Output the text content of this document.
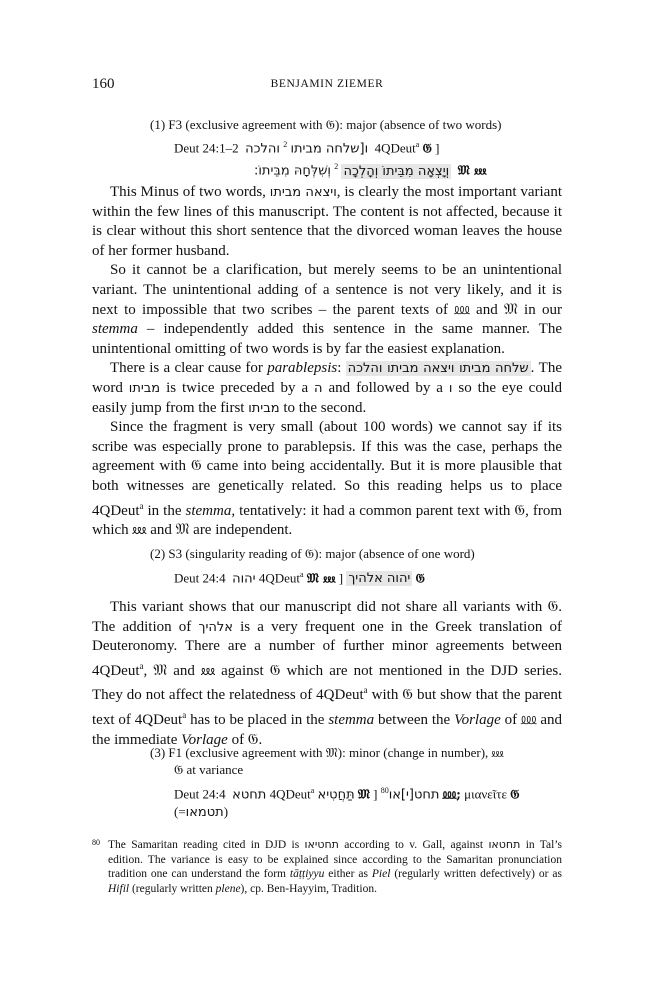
160	BENJAMIN ZIEMER
(1) F3 (exclusive agreement with 𝔊): major (absence of two words)
Deut 24:1–2 והלכה $^2$ ו[שלחה מביתו 4QDeut$^a$ 𝔊 ]
וְשִׁלְּחָהּ מִבֵּיתוֹ: $^2$ וְיָצְאָה מִבֵּיתוֹ וְהָלְכָה 𝔐 ⅏

This Minus of two words, ויצאה מביתו, is clearly the most important variant within the few lines of this manuscript. The content is not affected, because it is clear without this short sentence that the divorced woman leaves the house of her former husband.

So it cannot be a clarification, but merely seems to be an unintentional variant. The unintentional adding of a sentence is not very likely, and it is next to impossible that two scribes – the parent texts of ⅏ and 𝔐 in our stemma – independently added this sentence in the same manner. The unintentional omitting of two words is by far the easiest explanation.

There is a clear cause for parablepsis: שלחה מביתו ויצאה מביתו והלכה . The word מביתו is twice preceded by a ה and followed by a ו so the eye could easily jump from the first מביתו to the second.

Since the fragment is very small (about 100 words) we cannot say if its scribe was especially prone to parablepsis. If this was the case, perhaps the agreement with 𝔊 came into being accidentally. But it is more plausible that both witnesses are genetically related. So this reading helps us to place 4QDeut$^a$ in the stemma, tentatively: it had a common parent text with 𝔊, from which ⅏ and 𝔐 are independent.

(2) S3 (singularity reading of 𝔊): major (absence of one word)
Deut 24:4 יהוה 4QDeut$^a$ 𝔐 ⅏ ] יהוה אלהיך 𝔊

This variant shows that our manuscript did not share all variants with 𝔊. The addition of אלהיך is a very frequent one in the Greek translation of Deuteronomy. There are a number of further minor agreements between 4QDeut$^a$, 𝔐 and ⅏ against 𝔊 which are not mentioned in the DJD series. They do not affect the relatedness of 4QDeut$^a$ with 𝔊 but show that the parent text of 4QDeut$^a$ has to be placed in the stemma between the Vorlage of ⅏ and the immediate Vorlage of 𝔊.

(3) F1 (exclusive agreement with 𝔐): minor (change in number), ⅏
𝔊 at variance
Deut 24:4 תחטא 4QDeut$^a$ תַּחֲטִיא 𝔐 ] $^{80}$תחט[י]או ⅏; μιανεῖτε 𝔊
(=תטמאו)
80 The Samaritan reading cited in DJD is תחטיאו according to v. Gall, against תחטאו in Tal’s edition. The variance is easy to be explained since according to the Samaritan pronunciation tradition one can understand the form tāṭṭiyyu either as Piel (regularly written defectively) or as Hifil (regularly written plene), cp. Ben-Hayyim, Tradition.
